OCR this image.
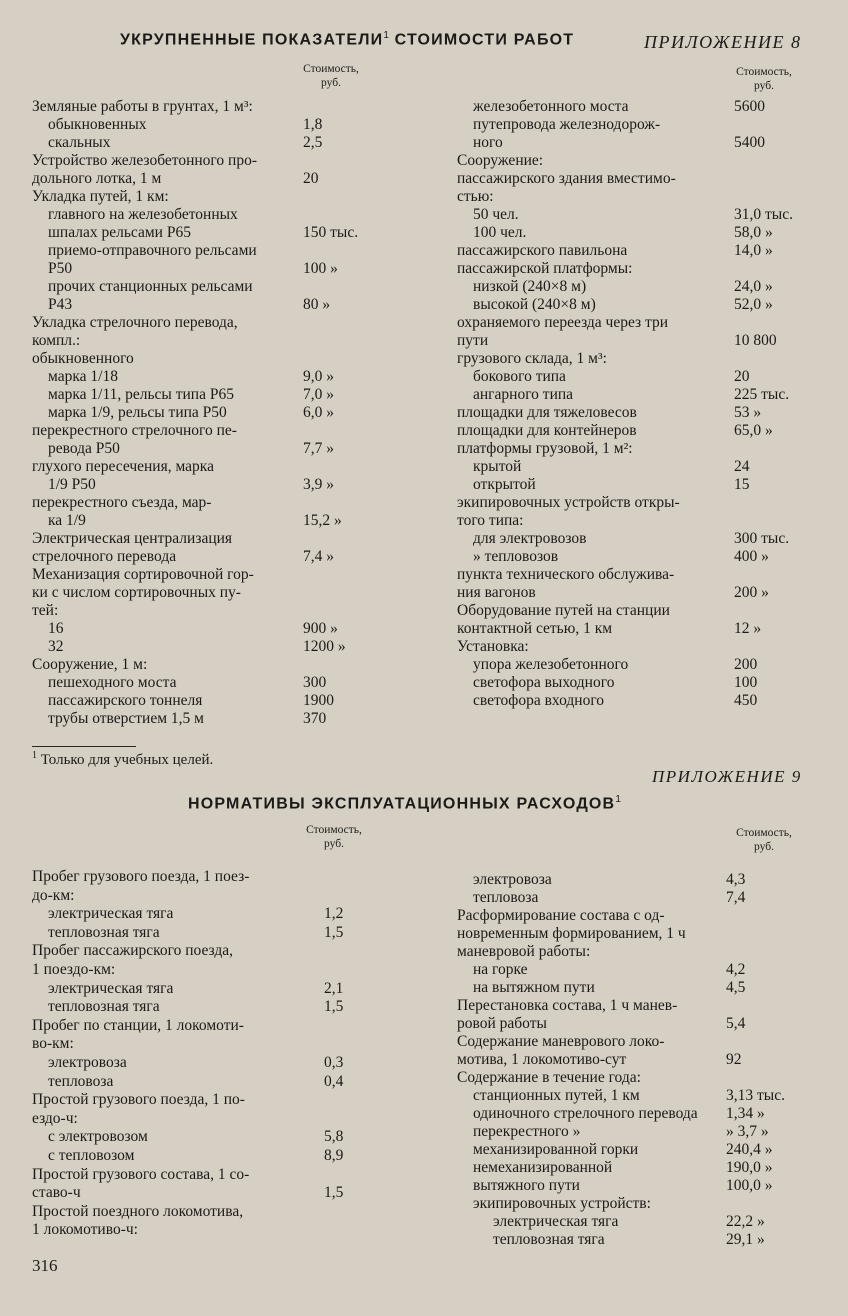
УКРУПНЕННЫЕ ПОКАЗАТЕЛИ$^1$ СТОИМОСТИ РАБОТ	ПРИЛОЖЕНИЕ 8
Стоимость,
руб.
Стоимость,
руб.
Земляные работы в грунтах, 1 м³:
обыкновенных	1,8
скальных	2,5
Устройство железобетонного про-
дольного лотка, 1 м	20
Укладка путей, 1 км:
главного на железобетонных
шпалах рельсами Р65	150 тыс.
приемо-отправочного рельсами
Р50	100 »
прочих станционных рельсами
Р43	80 »
Укладка стрелочного перевода,
компл.:
обыкновенного
марка 1/18	9,0 »
марка 1/11, рельсы типа Р65	7,0 »
марка 1/9, рельсы типа Р50	6,0 »
перекрестного стрелочного пе-
ревода Р50	7,7 »
глухого пересечения, марка
1/9 Р50	3,9 »
перекрестного съезда, мар-
ка 1/9	15,2 »
Электрическая централизация
стрелочного перевода	7,4 »
Механизация сортировочной гор-
ки с числом сортировочных пу-
тей:
16	900 »
32	1200 »
Сооружение, 1 м:
пешеходного моста	300
пассажирского тоннеля	1900
трубы отверстием 1,5 м	370
железобетонного моста	5600
путепровода железнодорож-
ного	5400
Сооружение:
пассажирского здания вместимо-
стью:
50 чел.	31,0 тыс.
100 чел.	58,0 »
пассажирского павильона	14,0 »
пассажирской платформы:
низкой (240×8 м)	24,0 »
высокой (240×8 м)	52,0 »
охраняемого переезда через три
пути	10 800
грузового склада, 1 м³:
бокового типа	20
ангарного типа	225 тыс.
площадки для тяжеловесов	53 »
площадки для контейнеров	65,0 »
платформы грузовой, 1 м²:
крытой	24
открытой	15
экипировочных устройств откры-
того типа:
для электровозов	300 тыс.
» тепловозов	400 »
пункта технического обслужива-
ния вагонов	200 »
Оборудование путей на станции
контактной сетью, 1 км	12 »
Установка:
упора железобетонного	200
светофора выходного	100
светофора входного	450
$^1$ Только для учебных целей.
ПРИЛОЖЕНИЕ 9
НОРМАТИВЫ ЭКСПЛУАТАЦИОННЫХ РАСХОДОВ$^1$
Стоимость,
руб.
Стоимость,
руб.
Пробег грузового поезда, 1 поез-
до-км:
электрическая тяга	1,2
тепловозная тяга	1,5
Пробег пассажирского поезда,
1 поездо-км:
электрическая тяга	2,1
тепловозная тяга	1,5
Пробег по станции, 1 локомоти-
во-км:
электровоза	0,3
тепловоза	0,4
Простой грузового поезда, 1 по-
ездо-ч:
с электровозом	5,8
с тепловозом	8,9
Простой грузового состава, 1 со-
ставо-ч	1,5
Простой поездного локомотива,
1 локомотиво-ч:
электровоза	4,3
тепловоза	7,4
Расформирование состава с од-
новременным формированием, 1 ч
маневровой работы:
на горке	4,2
на вытяжном пути	4,5
Перестановка состава, 1 ч манев-
ровой работы	5,4
Содержание маневрового локо-
мотива, 1 локомотиво-сут	92
Содержание в течение года:
станционных путей, 1 км	3,13 тыс.
одиночного стрелочного перевода 1,34 »
перекрестного »	» 3,7 »
механизированной горки	240,4 »
немеханизированной	190,0 »
вытяжного пути	100,0 »
экипировочных устройств:
электрическая тяга	22,2 »
тепловозная тяга	29,1 »
316
